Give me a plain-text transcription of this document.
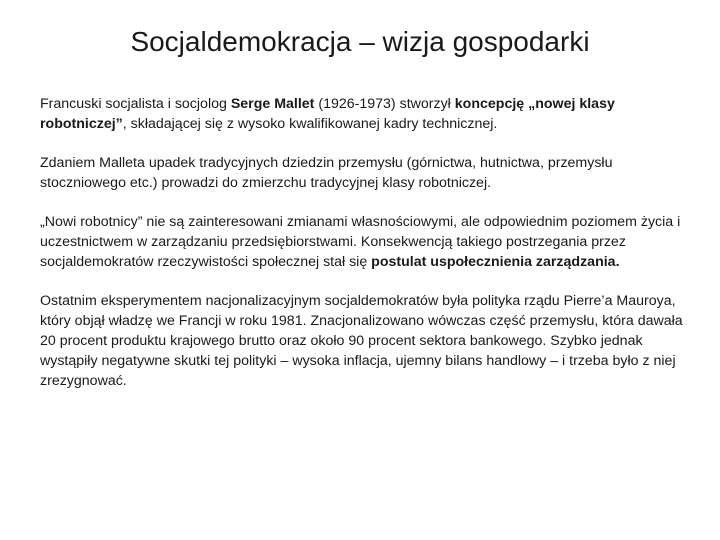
Socjaldemokracja – wizja gospodarki

Francuski socjalista i socjolog Serge Mallet (1926-1973) stworzył koncepcję „nowej klasy robotniczej”, składającej się z wysoko kwalifikowanej kadry technicznej.

Zdaniem Malleta upadek tradycyjnych dziedzin przemysłu (górnictwa, hutnictwa, przemysłu stoczniowego etc.) prowadzi do zmierzchu tradycyjnej klasy robotniczej.

„Nowi robotnicy” nie są zainteresowani zmianami własnościowymi, ale odpowiednim poziomem życia i uczestnictwem w zarządzaniu przedsiębiorstwami. Konsekwencją takiego postrzegania przez socjaldemokratów rzeczywistości społecznej stał się postulat uspołecznienia zarządzania.

Ostatnim eksperymentem nacjonalizacyjnym socjaldemokratów była polityka rządu Pierre’a Mauroya, który objął władzę we Francji w roku 1981. Znacjonalizowano wówczas część przemysłu, która dawała 20 procent produktu krajowego brutto oraz około 90 procent sektora bankowego. Szybko jednak wystąpiły negatywne skutki tej polityki – wysoka inflacja, ujemny bilans handlowy – i trzeba było z niej zrezygnować.
